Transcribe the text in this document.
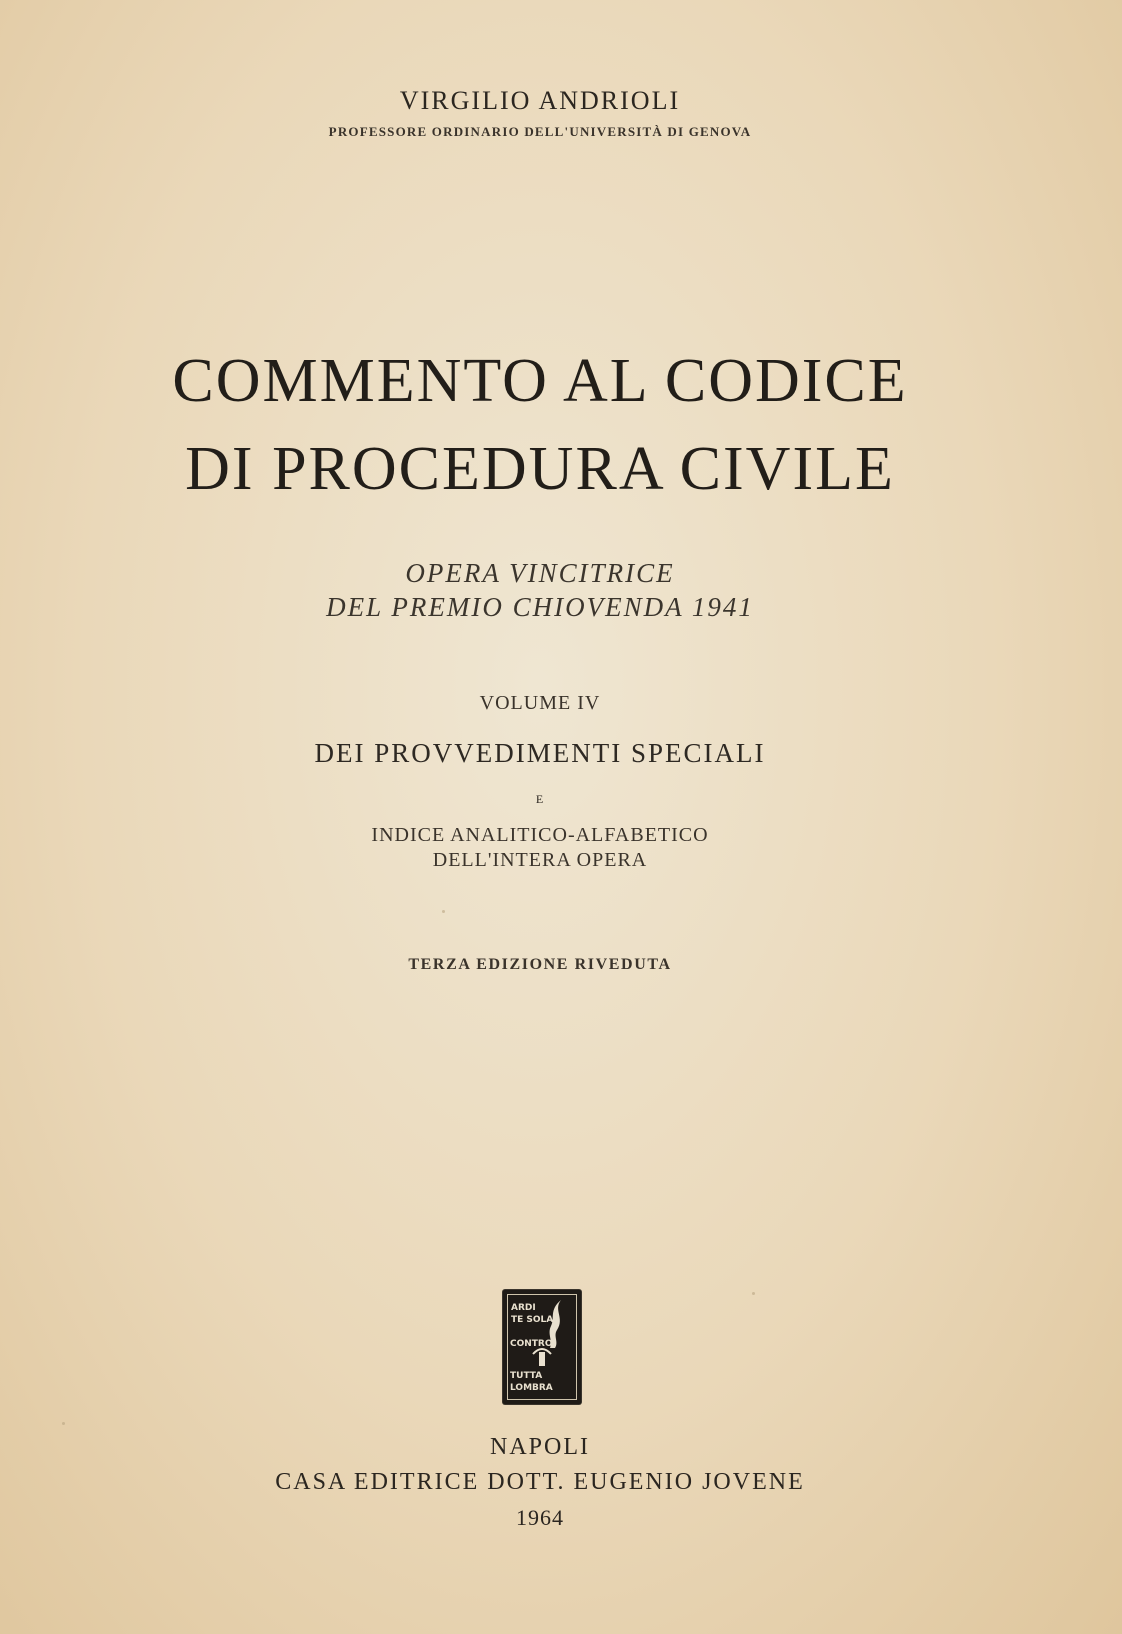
VIRGILIO ANDRIOLI
PROFESSORE ORDINARIO DELL'UNIVERSITÀ DI GENOVA
COMMENTO AL CODICE
DI PROCEDURA CIVILE
OPERA VINCITRICE
DEL PREMIO CHIOVENDA 1941
VOLUME IV
DEI PROVVEDIMENTI SPECIALI
E
INDICE ANALITICO-ALFABETICO
DELL'INTERA OPERA
TERZA EDIZIONE RIVEDUTA
ARDI
TE SOLA
CONTRO
TUTTA
LOMBRA
NAPOLI
CASA EDITRICE DOTT. EUGENIO JOVENE
1964
